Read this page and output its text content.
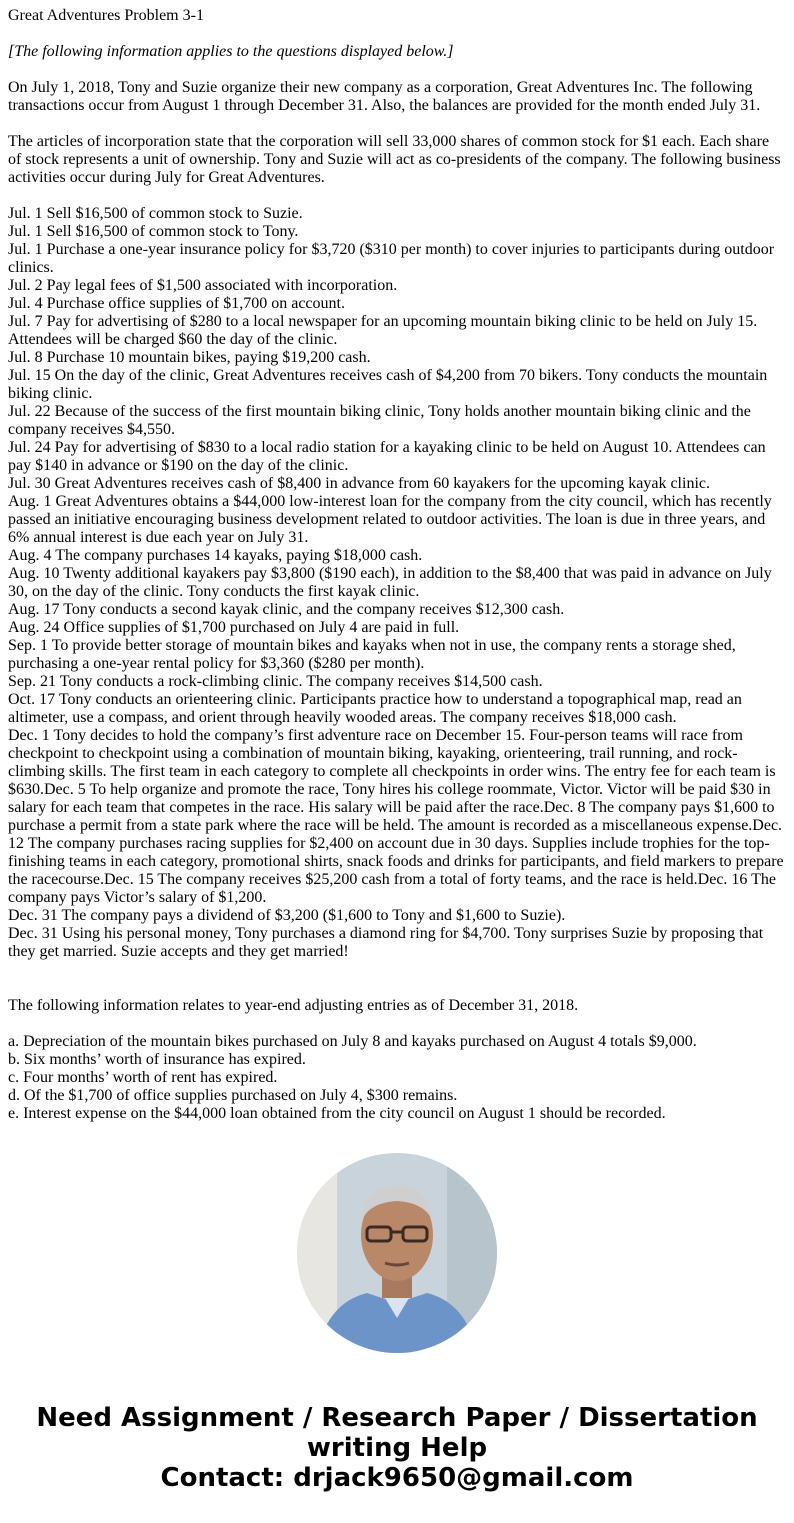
Great Adventures Problem 3-1

[The following information applies to the questions displayed below.]

On July 1, 2018, Tony and Suzie organize their new company as a corporation, Great Adventures Inc. The following transactions occur from August 1 through December 31. Also, the balances are provided for the month ended July 31.

The articles of incorporation state that the corporation will sell 33,000 shares of common stock for $1 each. Each share of stock represents a unit of ownership. Tony and Suzie will act as co-presidents of the company. The following business activities occur during July for Great Adventures.

Jul. 1 Sell $16,500 of common stock to Suzie.
Jul. 1 Sell $16,500 of common stock to Tony.
Jul. 1 Purchase a one-year insurance policy for $3,720 ($310 per month) to cover injuries to participants during outdoor clinics.
Jul. 2 Pay legal fees of $1,500 associated with incorporation.
Jul. 4 Purchase office supplies of $1,700 on account.
Jul. 7 Pay for advertising of $280 to a local newspaper for an upcoming mountain biking clinic to be held on July 15. Attendees will be charged $60 the day of the clinic.
Jul. 8 Purchase 10 mountain bikes, paying $19,200 cash.
Jul. 15 On the day of the clinic, Great Adventures receives cash of $4,200 from 70 bikers. Tony conducts the mountain biking clinic.
Jul. 22 Because of the success of the first mountain biking clinic, Tony holds another mountain biking clinic and the company receives $4,550.
Jul. 24 Pay for advertising of $830 to a local radio station for a kayaking clinic to be held on August 10. Attendees can pay $140 in advance or $190 on the day of the clinic.
Jul. 30 Great Adventures receives cash of $8,400 in advance from 60 kayakers for the upcoming kayak clinic.
Aug. 1 Great Adventures obtains a $44,000 low-interest loan for the company from the city council, which has recently passed an initiative encouraging business development related to outdoor activities. The loan is due in three years, and 6% annual interest is due each year on July 31.
Aug. 4 The company purchases 14 kayaks, paying $18,000 cash.
Aug. 10 Twenty additional kayakers pay $3,800 ($190 each), in addition to the $8,400 that was paid in advance on July 30, on the day of the clinic. Tony conducts the first kayak clinic.
Aug. 17 Tony conducts a second kayak clinic, and the company receives $12,300 cash.
Aug. 24 Office supplies of $1,700 purchased on July 4 are paid in full.
Sep. 1 To provide better storage of mountain bikes and kayaks when not in use, the company rents a storage shed, purchasing a one-year rental policy for $3,360 ($280 per month).
Sep. 21 Tony conducts a rock-climbing clinic. The company receives $14,500 cash.
Oct. 17 Tony conducts an orienteering clinic. Participants practice how to understand a topographical map, read an altimeter, use a compass, and orient through heavily wooded areas. The company receives $18,000 cash.
Dec. 1 Tony decides to hold the company’s first adventure race on December 15. Four-person teams will race from checkpoint to checkpoint using a combination of mountain biking, kayaking, orienteering, trail running, and rock-climbing skills. The first team in each category to complete all checkpoints in order wins. The entry fee for each team is $630.Dec. 5 To help organize and promote the race, Tony hires his college roommate, Victor. Victor will be paid $30 in salary for each team that competes in the race. His salary will be paid after the race.Dec. 8 The company pays $1,600 to purchase a permit from a state park where the race will be held. The amount is recorded as a miscellaneous expense.Dec. 12 The company purchases racing supplies for $2,400 on account due in 30 days. Supplies include trophies for the top-finishing teams in each category, promotional shirts, snack foods and drinks for participants, and field markers to prepare the racecourse.Dec. 15 The company receives $25,200 cash from a total of forty teams, and the race is held.Dec. 16 The company pays Victor’s salary of $1,200.
Dec. 31 The company pays a dividend of $3,200 ($1,600 to Tony and $1,600 to Suzie).
Dec. 31 Using his personal money, Tony purchases a diamond ring for $4,700. Tony surprises Suzie by proposing that they get married. Suzie accepts and they get married!

The following information relates to year-end adjusting entries as of December 31, 2018.

a. Depreciation of the mountain bikes purchased on July 8 and kayaks purchased on August 4 totals $9,000.
b. Six months’ worth of insurance has expired.
c. Four months’ worth of rent has expired.
d. Of the $1,700 of office supplies purchased on July 4, $300 remains.
e. Interest expense on the $44,000 loan obtained from the city council on August 1 should be recorded.
Need Assignment / Research Paper / Dissertation writing Help
Contact: drjack9650@gmail.com
